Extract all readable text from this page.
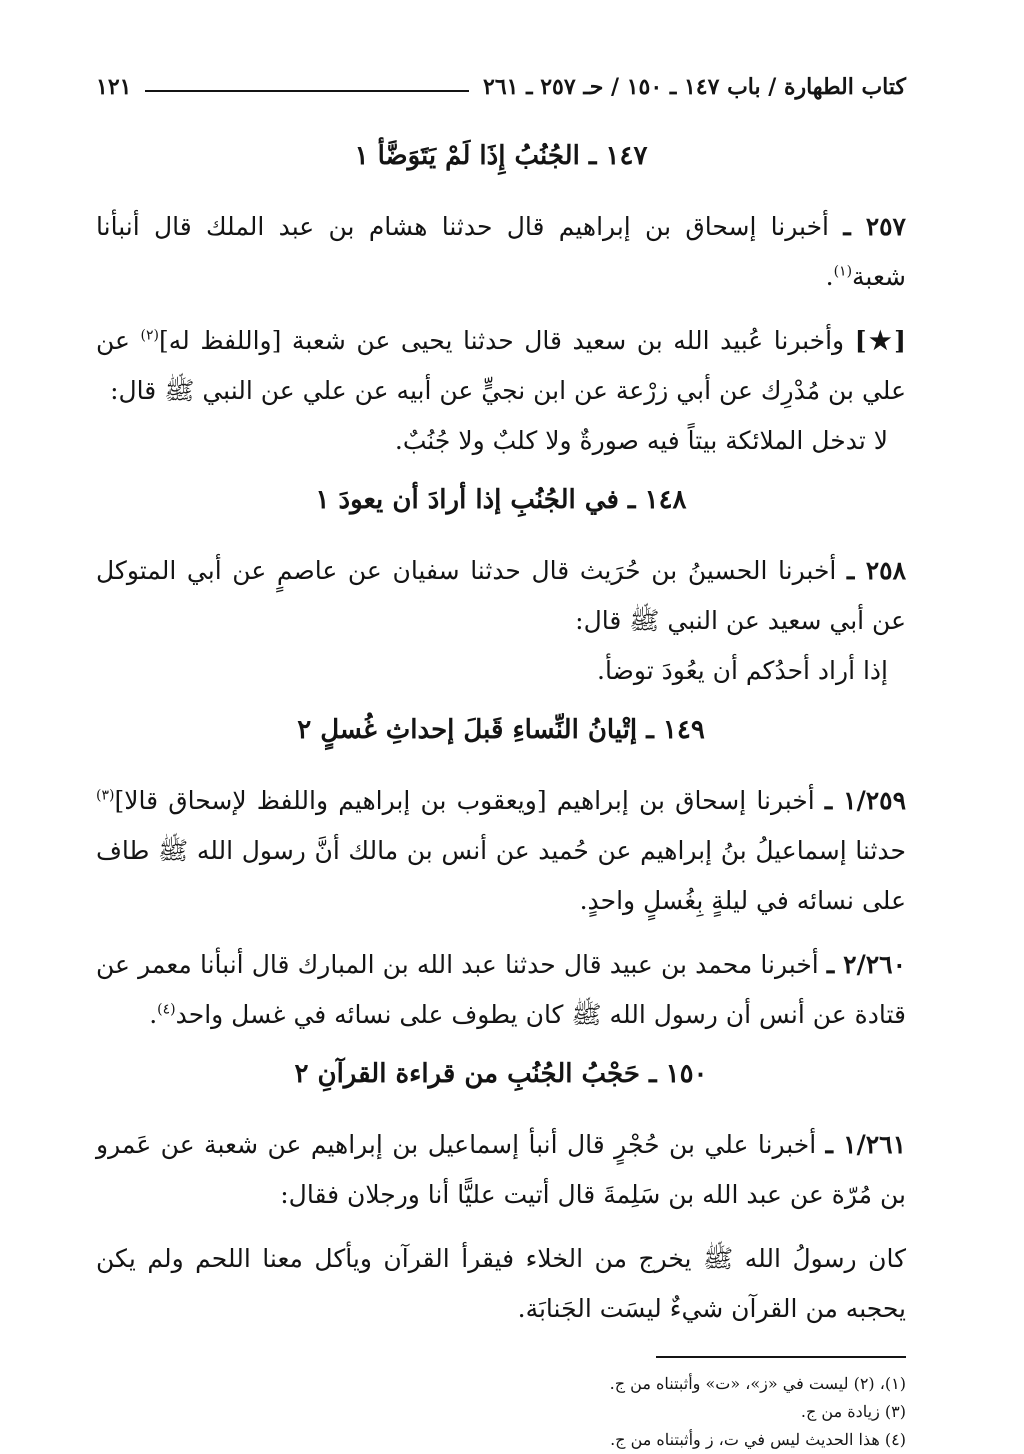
كتاب الطهارة / باب ١٤٧ ـ ١٥٠ / حـ ٢٥٧ ـ ٢٦١
١٢١
١٤٧ ـ الجُنُبُ إِذَا لَمْ يَتَوَضَّأ ١

٢٥٧ ـ أخبرنا إسحاق بن إبراهيم قال حدثنا هشام بن عبد الملك قال أنبأنا شعبة$^{(١)}$.

[★] وأخبرنا عُبيد الله بن سعيد قال حدثنا يحيى عن شعبة [واللفظ له]$^{(٢)}$ عن علي بن مُدْرِك عن أبي زرْعة عن ابن نجيٍّ عن أبيه عن علي عن النبي ﷺ قال:
لا تدخل الملائكة بيتاً فيه صورةٌ ولا كلبٌ ولا جُنُبٌ.

١٤٨ ـ في الجُنُبِ إذا أرادَ أن يعودَ ١

٢٥٨ ـ أخبرنا الحسينُ بن حُرَيث قال حدثنا سفيان عن عاصمٍ عن أبي المتوكل عن أبي سعيد عن النبي ﷺ قال:
إذا أراد أحدُكم أن يعُودَ توضأ.

١٤٩ ـ إتْيانُ النِّساءِ قَبلَ إحداثِ غُسلٍ ٢

١/٢٥٩ ـ أخبرنا إسحاق بن إبراهيم [ويعقوب بن إبراهيم واللفظ لإسحاق قالا]$^{(٣)}$ حدثنا إسماعيلُ بنُ إبراهيم عن حُميد عن أنس بن مالك أنَّ رسول الله ﷺ طاف على نسائه في ليلةٍ بِغُسلٍ واحدٍ.

٢/٢٦٠ ـ أخبرنا محمد بن عبيد قال حدثنا عبد الله بن المبارك قال أنبأنا معمر عن قتادة عن أنس أن رسول الله ﷺ كان يطوف على نسائه في غسل واحد$^{(٤)}$.

١٥٠ ـ حَجْبُ الجُنُبِ من قراءة القرآنِ ٢

١/٢٦١ ـ أخبرنا علي بن حُجْرٍ قال أنبأ إسماعيل بن إبراهيم عن شعبة عن عَمرو بن مُرّة عن عبد الله بن سَلِمةَ قال أتيت عليًّا أنا ورجلان فقال:

كان رسولُ الله ﷺ يخرج من الخلاء فيقرأ القرآن ويأكل معنا اللحم ولم يكن يحجبه من القرآن شيءٌ ليسَت الجَنابَة.

(١)، (٢) ليست في «ز»، «ت» وأثبتناه من ج.

(٣) زيادة من ج.

(٤) هذا الحديث ليس في ت، ز وأثبتناه من ج.
